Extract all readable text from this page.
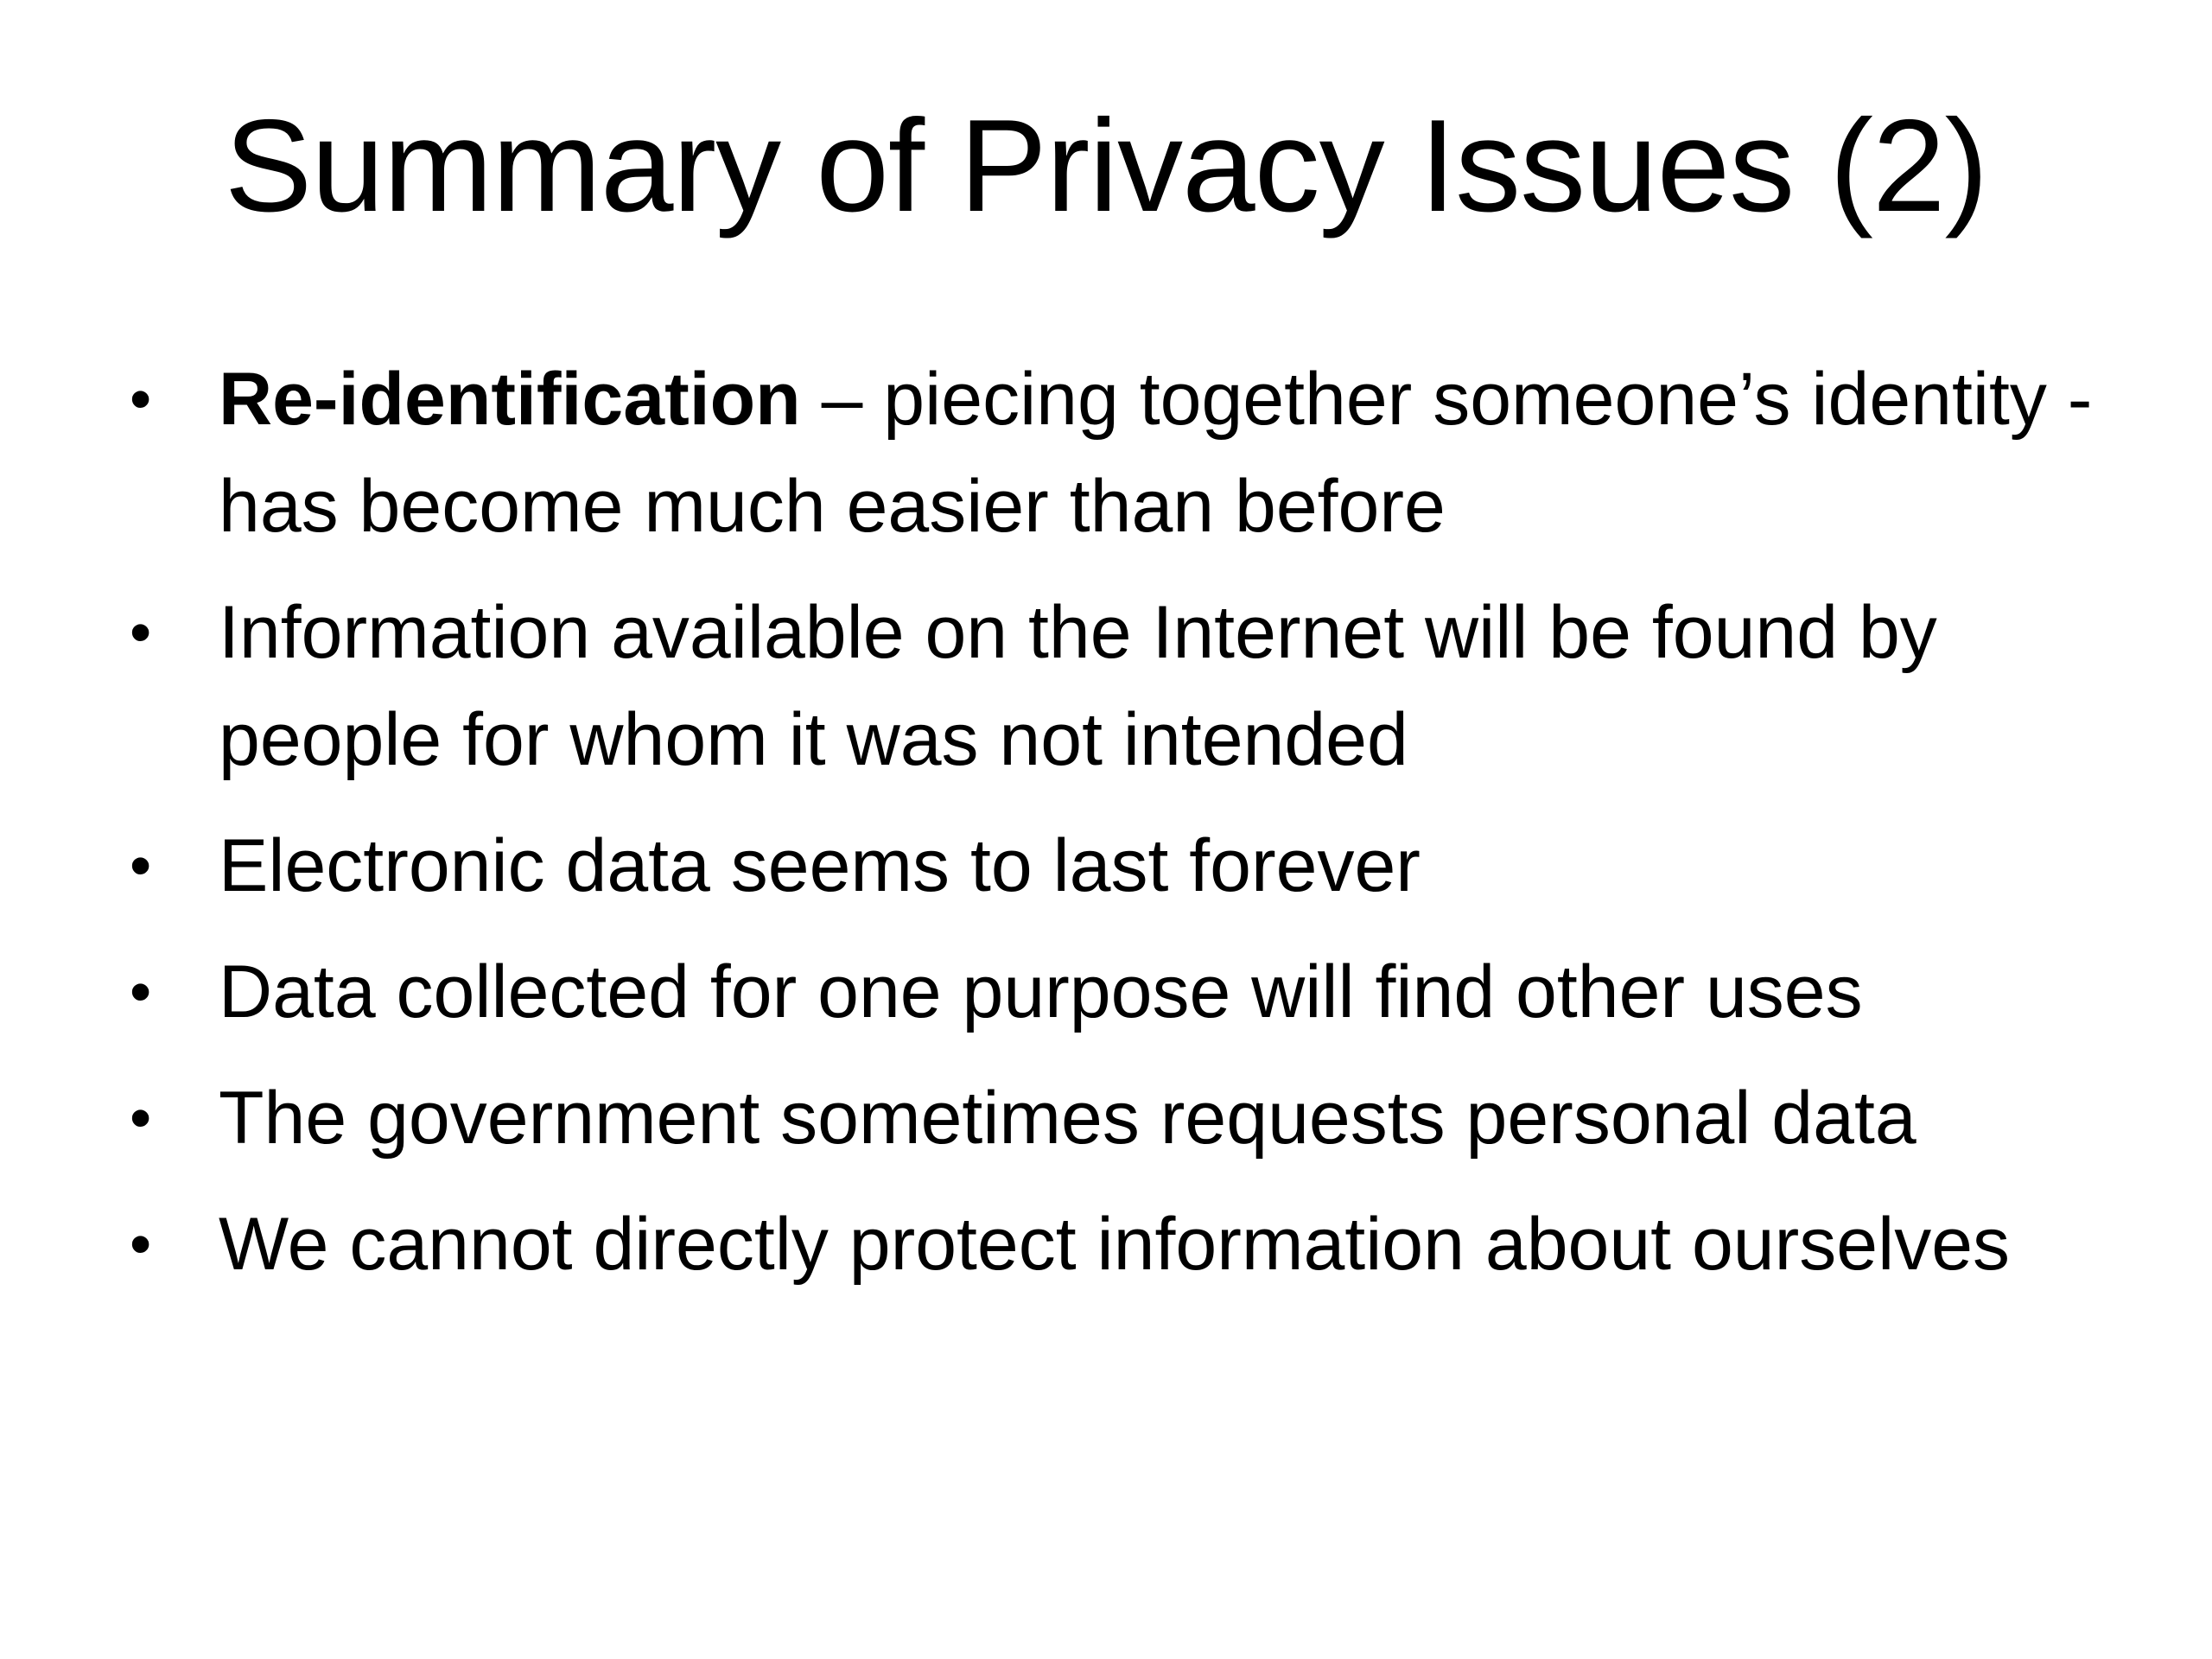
Summary of Privacy Issues (2)
• Re-identification – piecing together someone’s identity - has become much easier than before
• Information available on the Internet will be found by people for whom it was not intended
• Electronic data seems to last forever
• Data collected for one purpose will find other uses
• The government sometimes requests personal data
• We cannot directly protect information about ourselves
